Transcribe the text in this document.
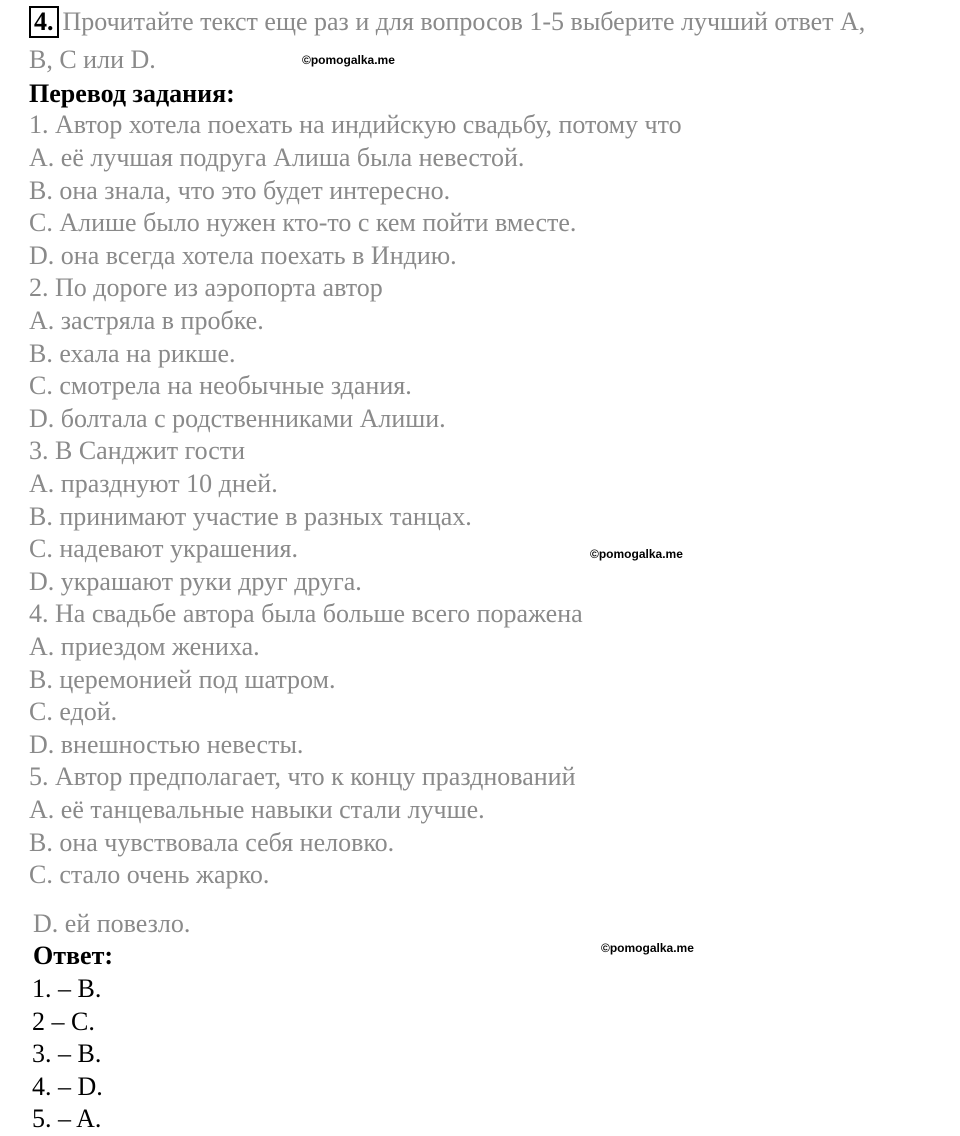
4. Прочитайте текст еще раз и для вопросов 1-5 выберите лучший ответ A,
B, C или D.	©pomogalka.me
Перевод задания:
1. Автор хотела поехать на индийскую свадьбу, потому что
A. её лучшая подруга Алиша была невестой.
B. она знала, что это будет интересно.
C. Алише было нужен кто-то с кем пойти вместе.
D. она всегда хотела поехать в Индию.
2. По дороге из аэропорта автор
A. застряла в пробке.
B. ехала на рикше.
C. смотрела на необычные здания.
D. болтала с родственниками Алиши.
3. В Санджит гости
A. празднуют 10 дней.
B. принимают участие в разных танцах.
C. надевают украшения.
D. украшают руки друг друга.
4. На свадьбе автора была больше всего поражена
A. приездом жениха.
B. церемонией под шатром.
C. едой.
D. внешностью невесты.
5. Автор предполагает, что к концу празднований
A. её танцевальные навыки стали лучше.
B. она чувствовала себя неловко.
C. стало очень жарко.
©pomogalka.me
D. ей повезло.
Ответ:	©pomogalka.me
1. – B.
2 – C.
3. – B.
4. – D.
5. – A.
